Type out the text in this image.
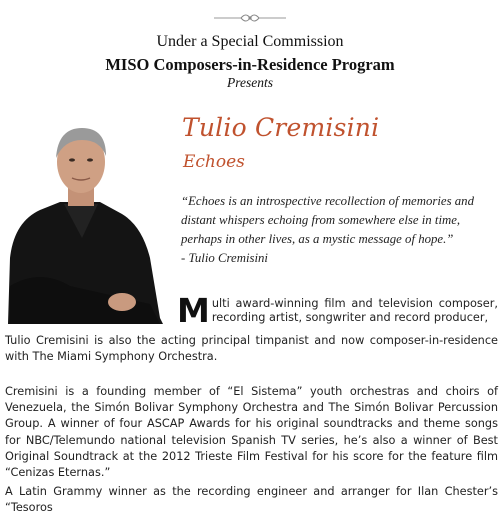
Under a Special Commission
MISO Composers-in-Residence Program
Presents
Tulio Cremisini
Echoes

“Echoes is an introspective recollection of memories and distant whispers echoing from somewhere else in time, perhaps in other lives, as a mystic message of hope.”

- Tulio Cremisini

Multi award-winning film and television composer, recording artist, songwriter and record producer,

Tulio Cremisini is also the acting principal timpanist and now composer-in-residence with The Miami Symphony Orchestra.

Cremisini is a founding member of “El Sistema” youth orchestras and choirs of Venezuela, the Simón Bolivar Symphony Orchestra and The Simón Bolivar Percussion Group. A winner of four ASCAP Awards for his original soundtracks and theme songs for NBC/Telemundo national television Spanish TV series, he’s also a winner of Best Original Soundtrack at the 2012 Trieste Film Festival for his score for the feature film “Cenizas Eternas.”

A Latin Grammy winner as the recording engineer and arranger for Ilan Chester’s “Tesoros
